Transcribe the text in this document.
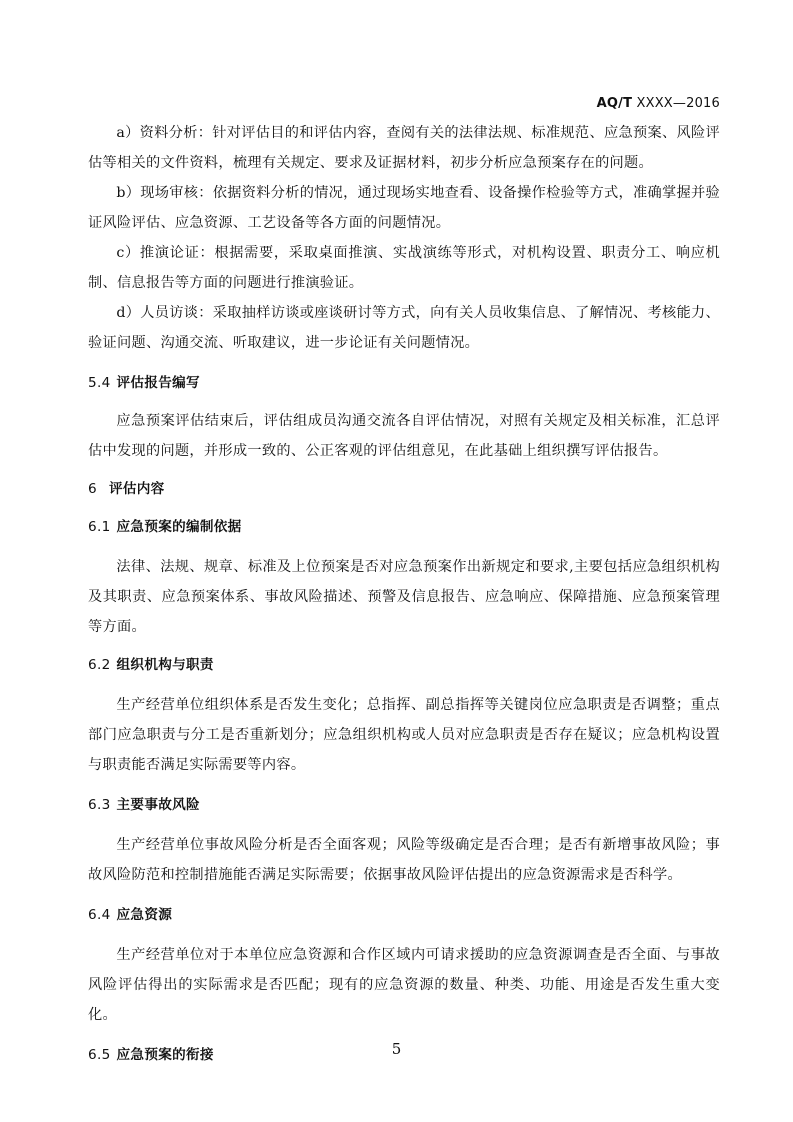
AQ/T XXXX—2016

a）资料分析：针对评估目的和评估内容，查阅有关的法律法规、标准规范、应急预案、风险评估等相关的文件资料，梳理有关规定、要求及证据材料，初步分析应急预案存在的问题。

b）现场审核：依据资料分析的情况，通过现场实地查看、设备操作检验等方式，准确掌握并验证风险评估、应急资源、工艺设备等各方面的问题情况。

c）推演论证：根据需要，采取桌面推演、实战演练等形式，对机构设置、职责分工、响应机制、信息报告等方面的问题进行推演验证。

d）人员访谈：采取抽样访谈或座谈研讨等方式，向有关人员收集信息、了解情况、考核能力、验证问题、沟通交流、听取建议，进一步论证有关问题情况。

5.4 评估报告编写

应急预案评估结束后，评估组成员沟通交流各自评估情况，对照有关规定及相关标准，汇总评估中发现的问题，并形成一致的、公正客观的评估组意见，在此基础上组织撰写评估报告。

6 评估内容
6.1 应急预案的编制依据

法律、法规、规章、标准及上位预案是否对应急预案作出新规定和要求,主要包括应急组织机构及其职责、应急预案体系、事故风险描述、预警及信息报告、应急响应、保障措施、应急预案管理等方面。

6.2 组织机构与职责

生产经营单位组织体系是否发生变化；总指挥、副总指挥等关键岗位应急职责是否调整；重点部门应急职责与分工是否重新划分；应急组织机构或人员对应急职责是否存在疑议；应急机构设置与职责能否满足实际需要等内容。

6.3 主要事故风险

生产经营单位事故风险分析是否全面客观；风险等级确定是否合理；是否有新增事故风险；事故风险防范和控制措施能否满足实际需要；依据事故风险评估提出的应急资源需求是否科学。

6.4 应急资源

生产经营单位对于本单位应急资源和合作区域内可请求援助的应急资源调查是否全面、与事故风险评估得出的实际需求是否匹配；现有的应急资源的数量、种类、功能、用途是否发生重大变化。

6.5 应急预案的衔接	5
